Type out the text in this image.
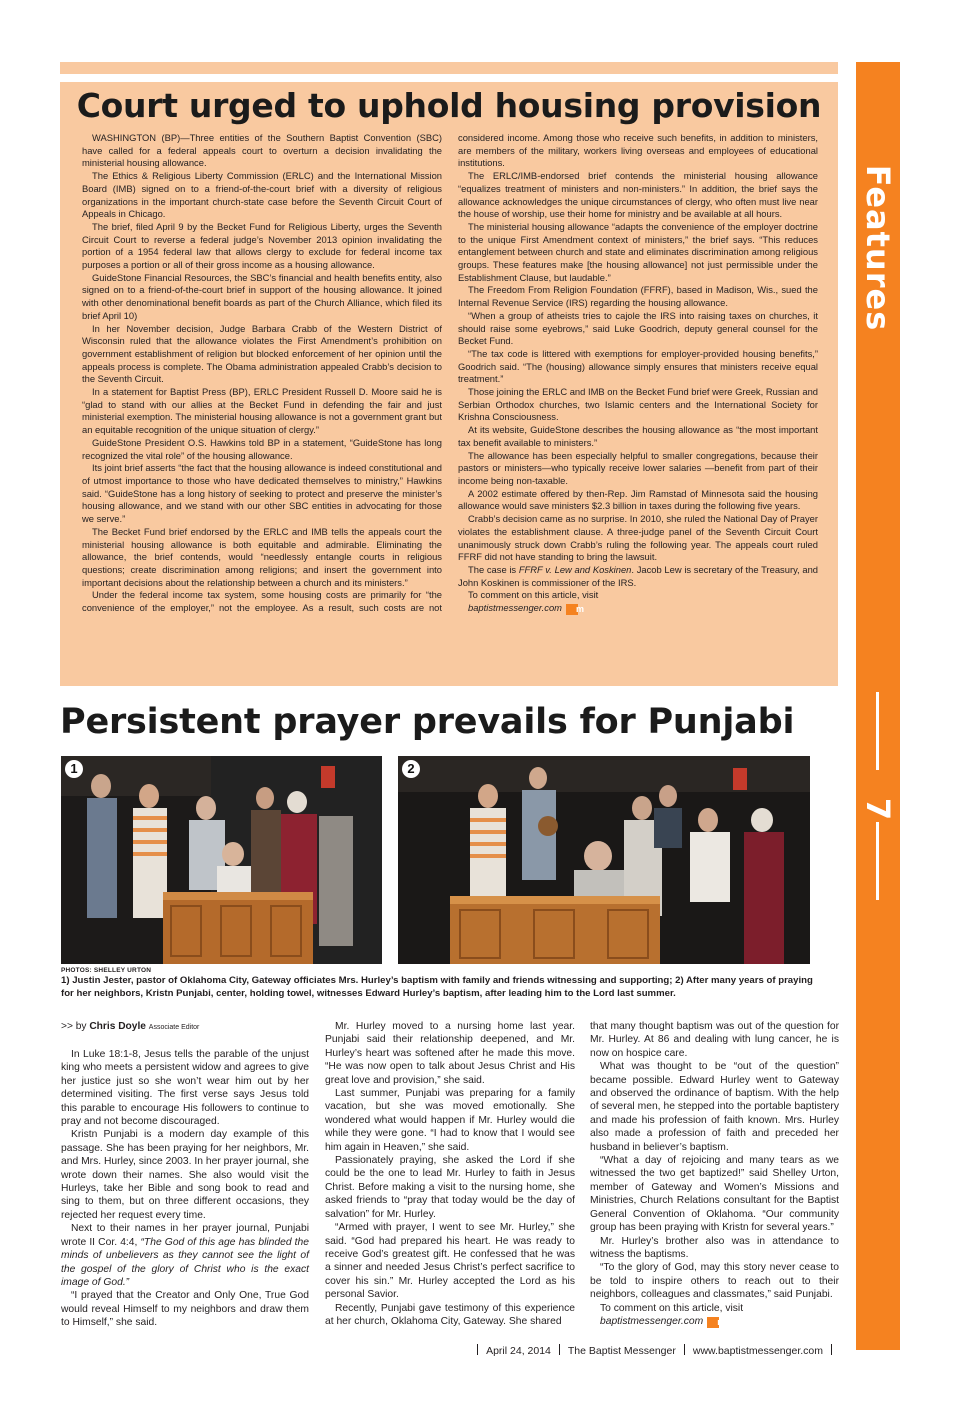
Court urged to uphold housing provision

WASHINGTON (BP)—Three entities of the Southern Baptist Convention (SBC) have called for a federal appeals court to overturn a decision invalidating the ministerial housing allowance.

The Ethics & Religious Liberty Commission (ERLC) and the International Mission Board (IMB) signed on to a friend-of-the-court brief with a diversity of religious organizations in the important church-state case before the Seventh Circuit Court of Appeals in Chicago.

The brief, filed April 9 by the Becket Fund for Religious Liberty, urges the Seventh Circuit Court to reverse a federal judge’s November 2013 opinion invalidating the portion of a 1954 federal law that allows clergy to exclude for federal income tax purposes a portion or all of their gross income as a housing allowance.

GuideStone Financial Resources, the SBC’s financial and health benefits entity, also signed on to a friend-of-the-court brief in support of the housing allowance. It joined with other denominational benefit boards as part of the Church Alliance, which filed its brief April 10)

In her November decision, Judge Barbara Crabb of the Western District of Wisconsin ruled that the allowance violates the First Amendment’s prohibition on government establishment of religion but blocked enforcement of her opinion until the appeals process is complete. The Obama administration appealed Crabb’s decision to the Seventh Circuit.

In a statement for Baptist Press (BP), ERLC President Russell D. Moore said he is “glad to stand with our allies at the Becket Fund in defending the fair and just ministerial exemption. The ministerial housing allowance is not a government grant but an equitable recognition of the unique situation of clergy.”

GuideStone President O.S. Hawkins told BP in a statement, “GuideStone has long recognized the vital role” of the housing allowance.

Its joint brief asserts “the fact that the housing allowance is indeed constitutional and of utmost importance to those who have dedicated themselves to ministry,” Hawkins said. “GuideStone has a long history of seeking to protect and preserve the minister’s housing allowance, and we stand with our other SBC entities in advocating for those we serve.”

The Becket Fund brief endorsed by the ERLC and IMB tells the appeals court the ministerial housing allowance is both equitable and admirable. Eliminating the allowance, the brief contends, would “needlessly entangle courts in religious questions; create discrimination among religions; and insert the government into important decisions about the relationship between a church and its ministers.”

Under the federal income tax system, some housing costs are primarily for “the convenience of the employer,” not the employee. As a result, such costs are not considered income. Among those who receive such benefits, in addition to ministers, are members of the military, workers living overseas and employees of educational institutions.

The ERLC/IMB-endorsed brief contends the ministerial housing allowance “equalizes treatment of ministers and non-ministers.” In addition, the brief says the allowance acknowledges the unique circumstances of clergy, who often must live near the house of worship, use their home for ministry and be available at all hours.

The ministerial housing allowance “adapts the convenience of the employer doctrine to the unique First Amendment context of ministers,” the brief says. “This reduces entanglement between church and state and eliminates discrimination among religious groups. These features make [the housing allowance] not just permissible under the Establishment Clause, but laudable.”

The Freedom From Religion Foundation (FFRF), based in Madison, Wis., sued the Internal Revenue Service (IRS) regarding the housing allowance.

“When a group of atheists tries to cajole the IRS into raising taxes on churches, it should raise some eyebrows,” said Luke Goodrich, deputy general counsel for the Becket Fund.

“The tax code is littered with exemptions for employer-provided housing benefits,” Goodrich said. “The (housing) allowance simply ensures that ministers receive equal treatment.”

Those joining the ERLC and IMB on the Becket Fund brief were Greek, Russian and Serbian Orthodox churches, two Islamic centers and the International Society for Krishna Consciousness.

At its website, GuideStone describes the housing allowance as “the most important tax benefit available to ministers.”

The allowance has been especially helpful to smaller congregations, because their pastors or ministers—who typically receive lower salaries —benefit from part of their income being non-taxable.

A 2002 estimate offered by then-Rep. Jim Ramstad of Minnesota said the housing allowance would save ministers $2.3 billion in taxes during the following five years.

Crabb’s decision came as no surprise. In 2010, she ruled the National Day of Prayer violates the establishment clause. A three-judge panel of the Seventh Circuit Court unanimously struck down Crabb’s ruling the following year. The appeals court ruled FFRF did not have standing to bring the lawsuit.

The case is FFRF v. Lew and Koskinen. Jacob Lew is secretary of the Treasury, and John Koskinen is commissioner of the IRS.

To comment on this article, visit

baptistmessenger.com m

Features
7
Persistent prayer prevails for Punjabi
1	2
PHOTOS: SHELLEY URTON
1) Justin Jester, pastor of Oklahoma City, Gateway officiates Mrs. Hurley’s baptism with family and friends witnessing and supporting; 2) After many years of praying for her neighbors, Kristn Punjabi, center, holding towel, witnesses Edward Hurley’s baptism, after leading him to the Lord last summer.
>> by Chris Doyle Associate Editor

In Luke 18:1-8, Jesus tells the parable of the unjust king who meets a persistent widow and agrees to give her justice just so she won’t wear him out by her determined visiting. The first verse says Jesus told this parable to encourage His followers to continue to pray and not become discouraged.

Kristn Punjabi is a modern day example of this passage. She has been praying for her neighbors, Mr. and Mrs. Hurley, since 2003. In her prayer journal, she wrote down their names. She also would visit the Hurleys, take her Bible and song book to read and sing to them, but on three different occasions, they rejected her request every time.

Next to their names in her prayer journal, Punjabi wrote II Cor. 4:4, “The God of this age has blinded the minds of unbelievers as they cannot see the light of the gospel of the glory of Christ who is the exact image of God.”

“I prayed that the Creator and Only One, True God would reveal Himself to my neighbors and draw them to Himself,” she said.

Mr. Hurley moved to a nursing home last year. Punjabi said their relationship deepened, and Mr. Hurley’s heart was softened after he made this move. “He was now open to talk about Jesus Christ and His great love and provision,” she said.

Last summer, Punjabi was preparing for a family vacation, but she was moved emotionally. She wondered what would happen if Mr. Hurley would die while they were gone. “I had to know that I would see him again in Heaven,” she said.

Passionately praying, she asked the Lord if she could be the one to lead Mr. Hurley to faith in Jesus Christ. Before making a visit to the nursing home, she asked friends to “pray that today would be the day of salvation” for Mr. Hurley.

“Armed with prayer, I went to see Mr. Hurley,” she said. “God had prepared his heart. He was ready to receive God’s greatest gift. He confessed that he was a sinner and needed Jesus Christ’s perfect sacrifice to cover his sin.” Mr. Hurley accepted the Lord as his personal Savior.

Recently, Punjabi gave testimony of this experience at her church, Oklahoma City, Gateway. She shared

that many thought baptism was out of the question for Mr. Hurley. At 86 and dealing with lung cancer, he is now on hospice care.

What was thought to be “out of the question” became possible. Edward Hurley went to Gateway and observed the ordinance of baptism. With the help of several men, he stepped into the portable baptistery and made his profession of faith known. Mrs. Hurley also made a profession of faith and preceded her husband in believer’s baptism.

“What a day of rejoicing and many tears as we witnessed the two get baptized!” said Shelley Urton, member of Gateway and Women’s Missions and Ministries, Church Relations consultant for the Baptist General Convention of Oklahoma. “Our community group has been praying with Kristn for several years.”

Mr. Hurley’s brother also was in attendance to witness the baptisms.

“To the glory of God, may this story never cease to be told to inspire others to reach out to their neighbors, colleagues and classmates,” said Punjabi.

To comment on this article, visit

baptistmessenger.com m

April 24, 2014 The Baptist Messenger www.baptistmessenger.com
